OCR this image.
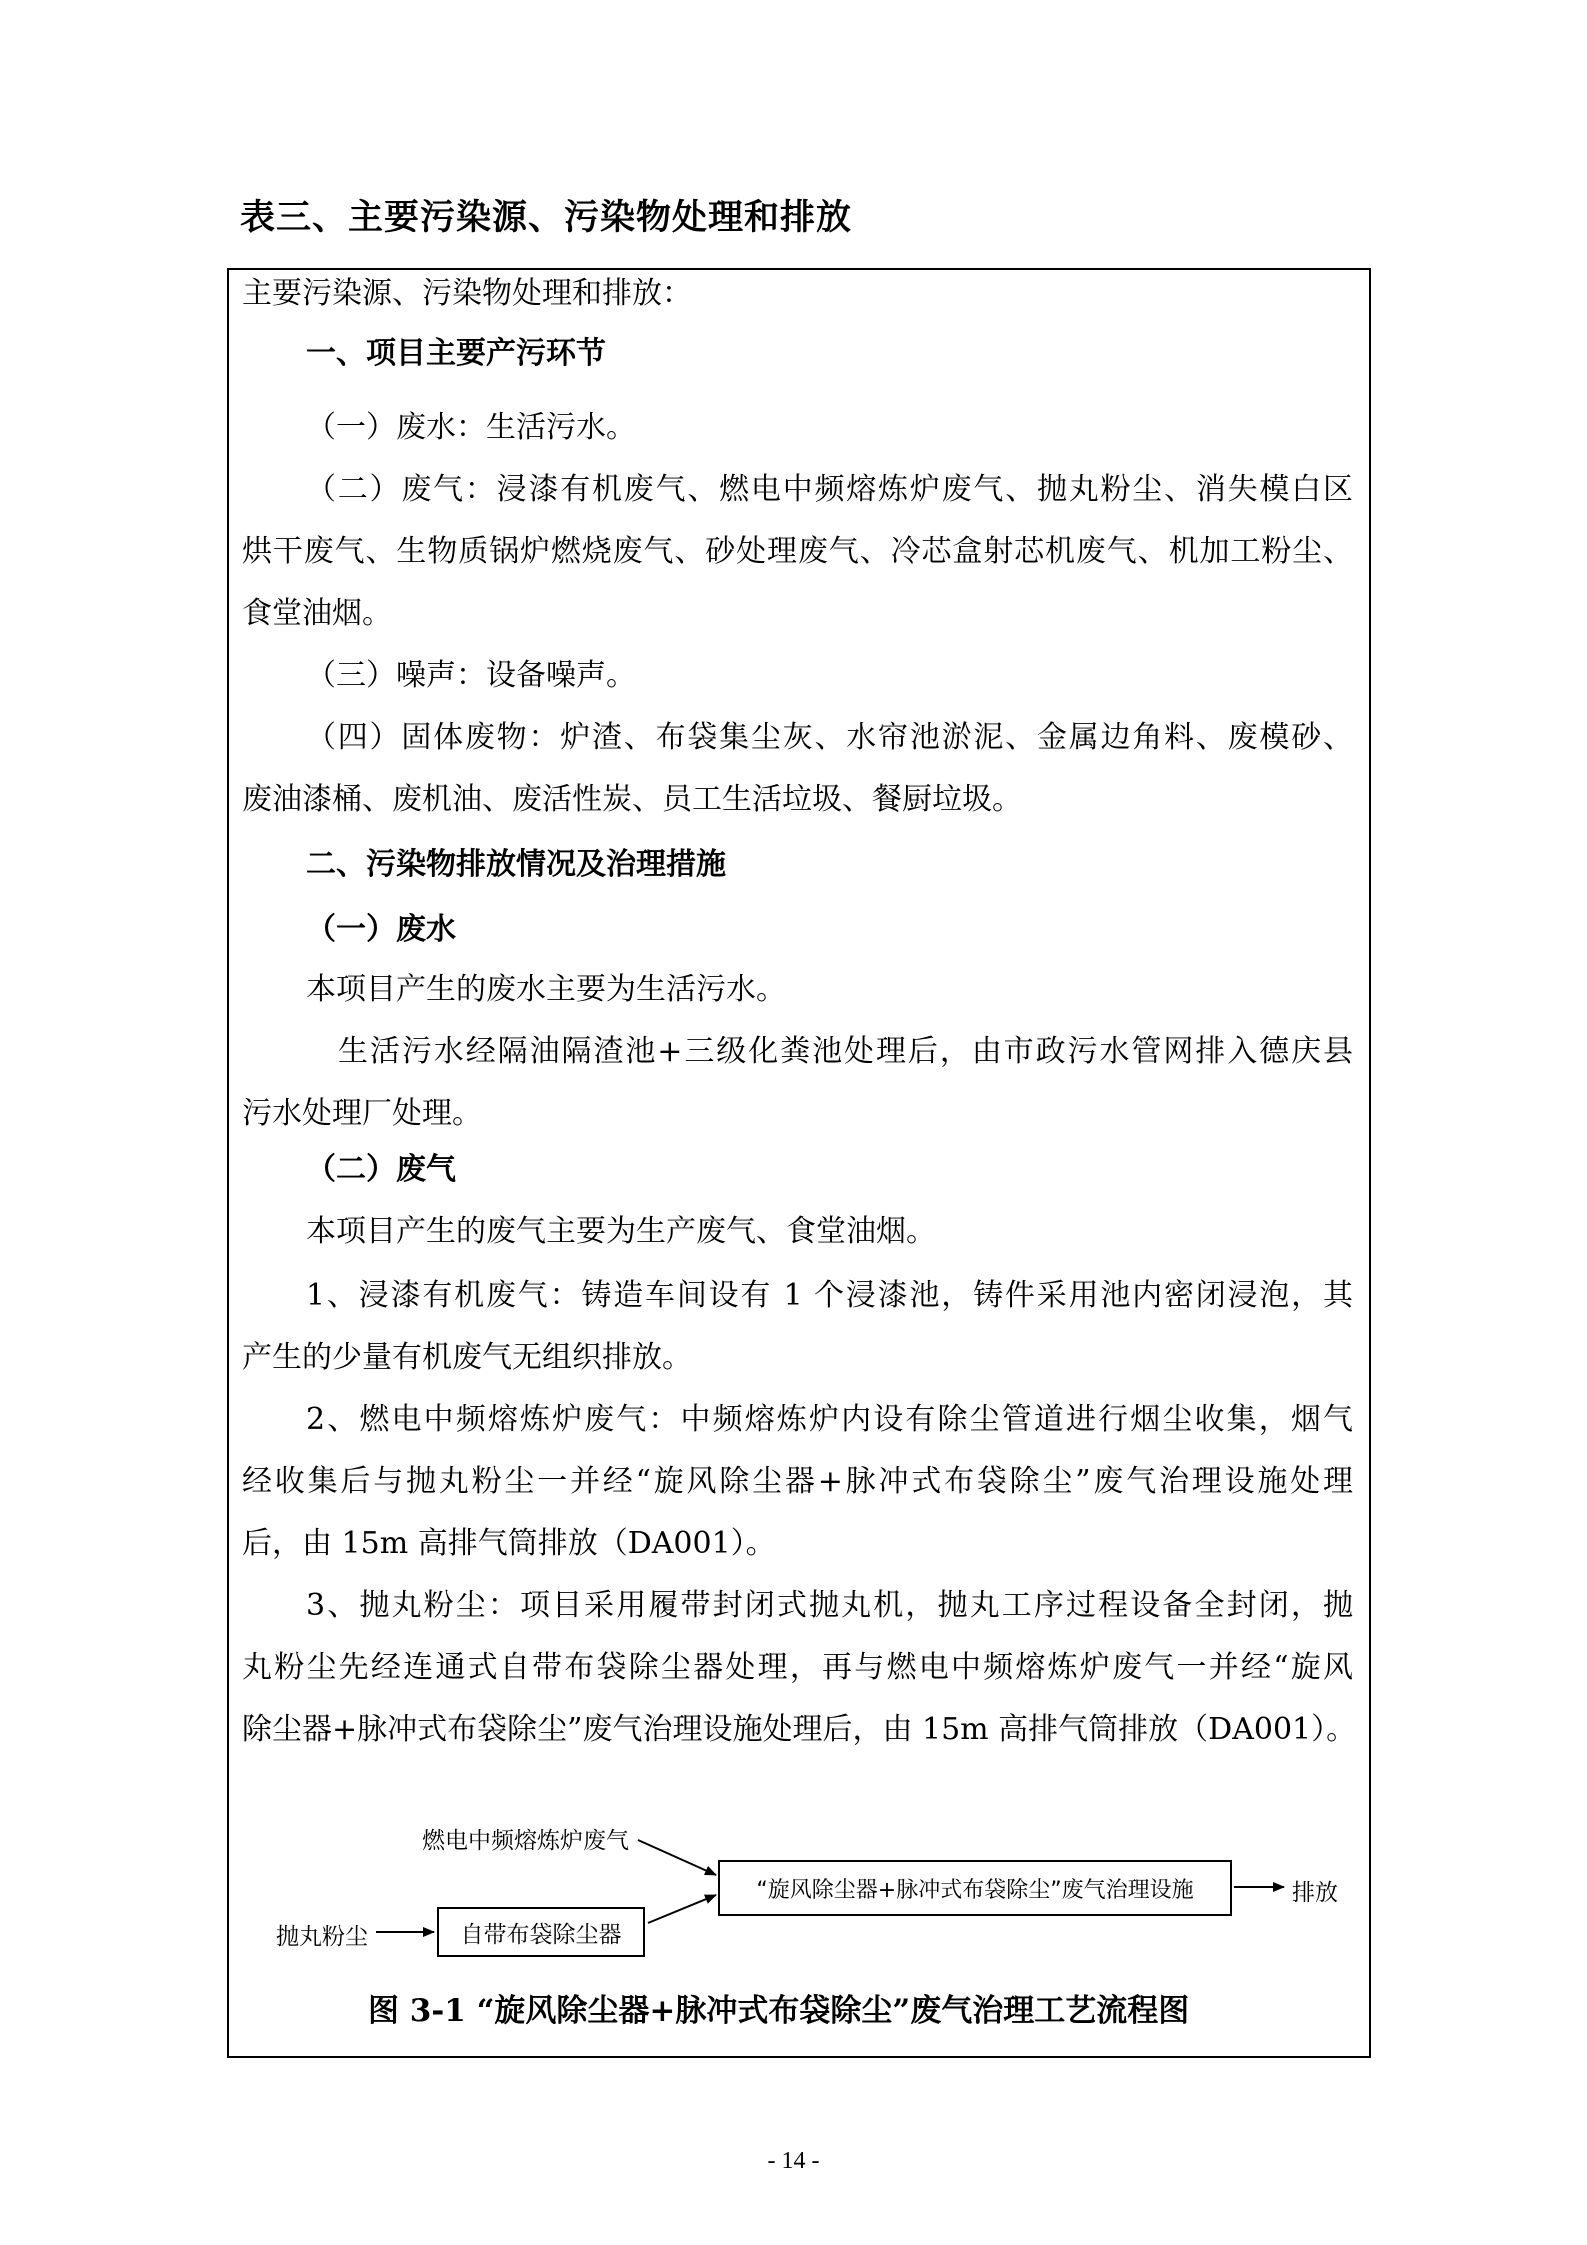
表三、主要污染源、污染物处理和排放
主要污染源、污染物处理和排放：
一、项目主要产污环节
（一）废水：生活污水。
（二）废气：浸漆有机废气、燃电中频熔炼炉废气、抛丸粉尘、消失模白区
烘干废气、生物质锅炉燃烧废气、砂处理废气、冷芯盒射芯机废气、机加工粉尘、
食堂油烟。
（三）噪声：设备噪声。
（四）固体废物：炉渣、布袋集尘灰、水帘池淤泥、金属边角料、废模砂、
废油漆桶、废机油、废活性炭、员工生活垃圾、餐厨垃圾。
二、污染物排放情况及治理措施
（一）废水
本项目产生的废水主要为生活污水。
生活污水经隔油隔渣池+三级化粪池处理后，由市政污水管网排入德庆县
污水处理厂处理。
（二）废气
本项目产生的废气主要为生产废气、食堂油烟。
1、浸漆有机废气：铸造车间设有 1 个浸漆池，铸件采用池内密闭浸泡，其
产生的少量有机废气无组织排放。
2、燃电中频熔炼炉废气：中频熔炼炉内设有除尘管道进行烟尘收集，烟气
经收集后与抛丸粉尘一并经“旋风除尘器+脉冲式布袋除尘”废气治理设施处理
后，由 15m 高排气筒排放（DA001）。
3、抛丸粉尘：项目采用履带封闭式抛丸机，抛丸工序过程设备全封闭，抛
丸粉尘先经连通式自带布袋除尘器处理，再与燃电中频熔炼炉废气一并经“旋风
除尘器+脉冲式布袋除尘”废气治理设施处理后，由 15m 高排气筒排放（DA001）。
燃电中频熔炼炉废气
抛丸粉尘	自带布袋除尘器
“旋风除尘器+脉冲式布袋除尘”废气治理设施	排放
图 3-1 “旋风除尘器+脉冲式布袋除尘”废气治理工艺流程图
- 14 -
